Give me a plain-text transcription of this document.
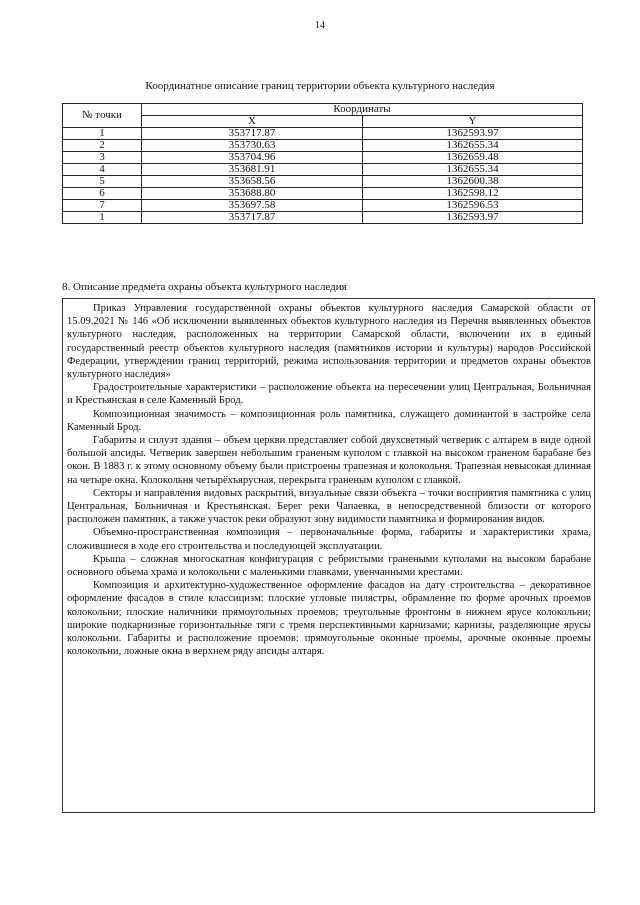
14
Координатное описание границ территории объекта культурного наследия
№ точки	Координаты	
	X	Y
1	353717.87	1362593.97
2	353730.63	1362655.34
3	353704.96	1362659.48
4	353681.91	1362655.34
5	353658.56	1362600.38
6	353688.80	1362598.12
7	353697.58	1362596.53
1	353717.87	1362593.97
8. Описание предмета охраны объекта культурного наследия

Приказ Управления государственной охраны объектов культурного наследия Самарской области от 15.09.2021 № 146 «Об исключении выявленных объектов культурного наследия из Перечня выявленных объектов культурного наследия, расположенных на территории Самарской области, включении их в единый государственный реестр объектов культурного наследия (памятников истории и культуры) народов Российской Федерации, утверждении границ территорий, режима использования территории и предметов охраны объектов культурного наследия»

Градостроительные характеристики – расположение объекта на пересечении улиц Центральная, Больничная и Крестьянская в селе Каменный Брод.

Композиционная значимость – композиционная роль памятника, служащего доминантой в застройке села Каменный Брод.

Габариты и силуэт здания – объем церкви представляет собой двухсветный четверик с алтарем в виде одной большой апсиды. Четверик завершен небольшим граненым куполом с главкой на высоком граненом барабане без окон. В 1883 г. к этому основному объему были пристроены трапезная и колокольня. Трапезная невысокая длинная на четыре окна. Колокольня четырёхъярусная, перекрыта граненым куполом с главкой.

Секторы и направления видовых раскрытий, визуальные связи объекта – точки восприятия памятника с улиц Центральная, Больничная и Крестьянская. Берег реки Чапаевка, в непосредственной близости от которого расположен памятник, а также участок реки образуют зону видимости памятника и формирования видов.

Объемно-пространственная композиция – первоначальные форма, габариты и характеристики храма, сложившиеся в ходе его строительства и последующей эксплуатации.

Крыша – сложная многоскатная конфигурация с ребристыми гранеными куполами на высоком барабане основного объема храма и колокольни с маленькими главками, увенчанными крестами.

Композиция и архитектурно-художественное оформление фасадов на дату строительства – декоративное оформление фасадов в стиле классицизм: плоские угловые пилястры, обрамление по форме арочных проемов колокольни; плоские наличники прямоугольных проемов; треугольные фронтоны в нижнем ярусе колокольни; широкие подкарнизные горизонтальные тяги с тремя перспективными карнизами; карнизы, разделяющие ярусы колокольни. Габариты и расположение проемов: прямоугольные оконные проемы, арочные оконные проемы колокольни, ложные окна в верхнем ряду апсиды алтаря.
